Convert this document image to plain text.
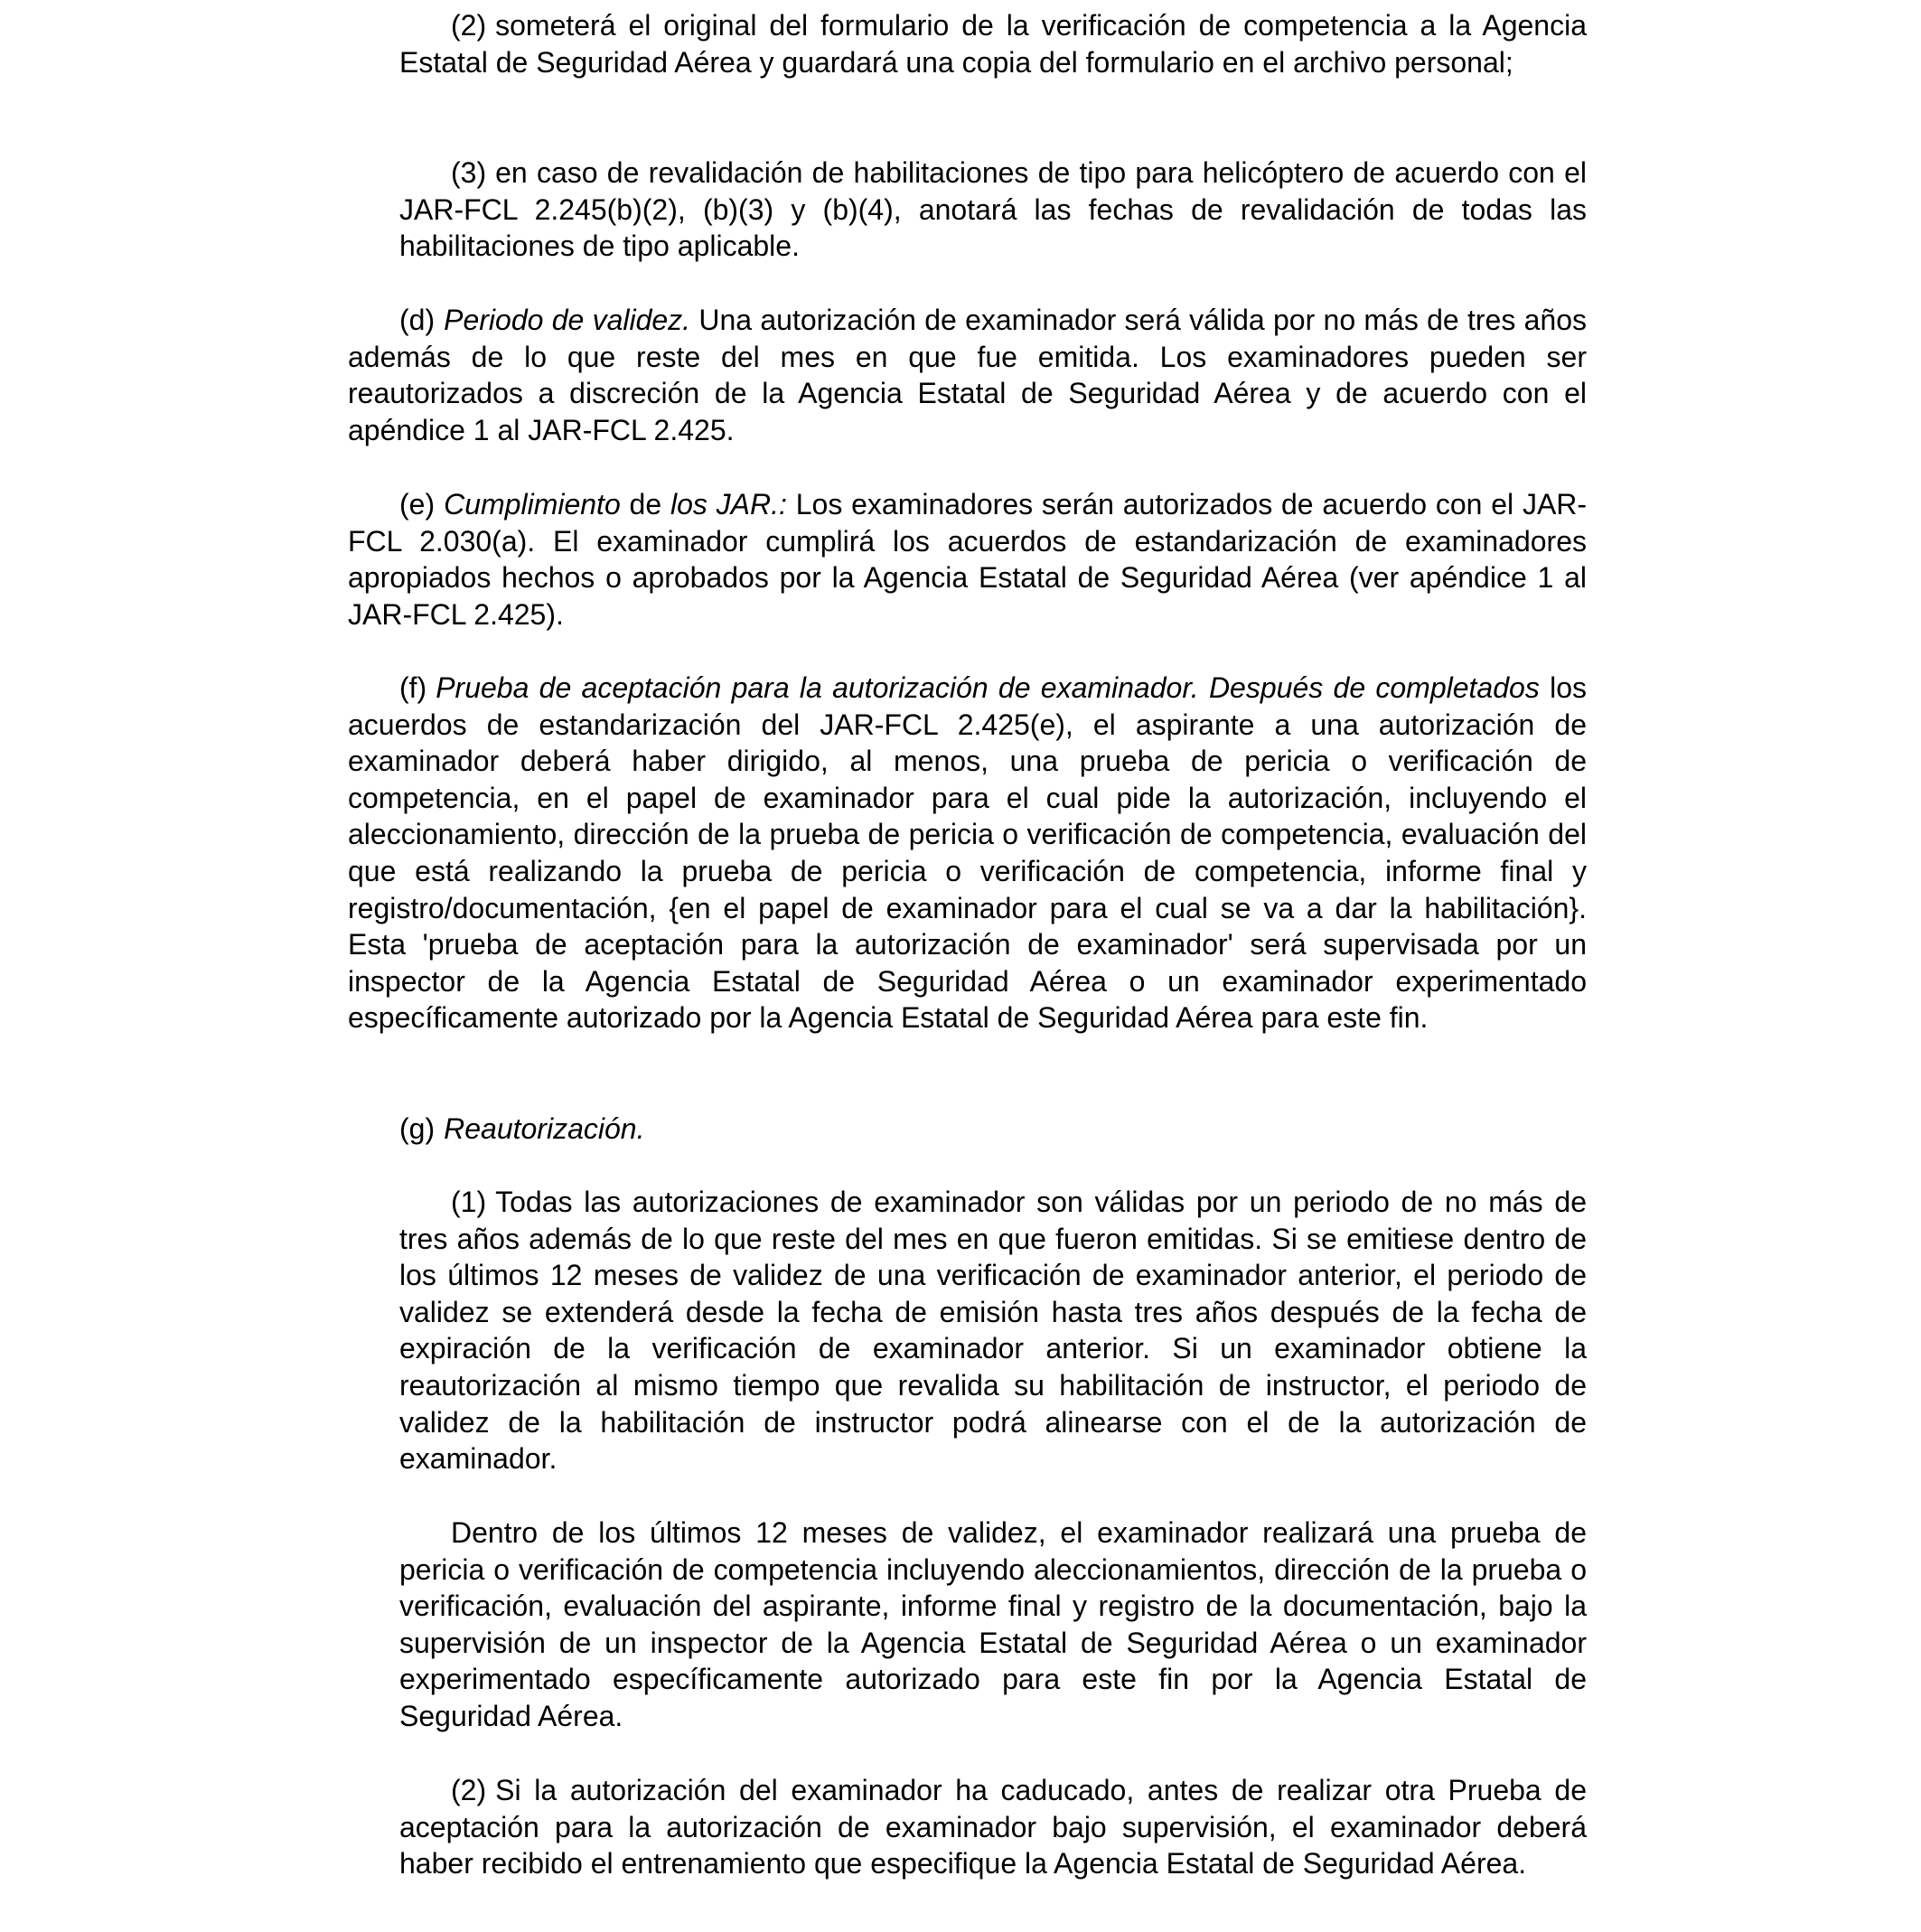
(2) someterá el original del formulario de la verificación de competencia a la Agencia Estatal de Seguridad Aérea y guardará una copia del formulario en el archivo personal;

(3) en caso de revalidación de habilitaciones de tipo para helicóptero de acuerdo con el JAR-FCL 2.245(b)(2), (b)(3) y (b)(4), anotará las fechas de revalidación de todas las habilitaciones de tipo aplicable.

(d) Periodo de validez. Una autorización de examinador será válida por no más de tres años además de lo que reste del mes en que fue emitida. Los examinadores pueden ser reautorizados a discreción de la Agencia Estatal de Seguridad Aérea y de acuerdo con el apéndice 1 al JAR-FCL 2.425.

(e) Cumplimiento de los JAR.: Los examinadores serán autorizados de acuerdo con el JAR-FCL 2.030(a). El examinador cumplirá los acuerdos de estandarización de examinadores apropiados hechos o aprobados por la Agencia Estatal de Seguridad Aérea (ver apéndice 1 al JAR-FCL 2.425).

(f) Prueba de aceptación para la autorización de examinador. Después de completados los acuerdos de estandarización del JAR-FCL 2.425(e), el aspirante a una autorización de examinador deberá haber dirigido, al menos, una prueba de pericia o verificación de competencia, en el papel de examinador para el cual pide la autorización, incluyendo el aleccionamiento, dirección de la prueba de pericia o verificación de competencia, evaluación del que está realizando la prueba de pericia o verificación de competencia, informe final y registro/documentación, {en el papel de examinador para el cual se va a dar la habilitación}. Esta 'prueba de aceptación para la autorización de examinador' será supervisada por un inspector de la Agencia Estatal de Seguridad Aérea o un examinador experimentado específicamente autorizado por la Agencia Estatal de Seguridad Aérea para este fin.

(g) Reautorización.

(1) Todas las autorizaciones de examinador son válidas por un periodo de no más de tres años además de lo que reste del mes en que fueron emitidas. Si se emitiese dentro de los últimos 12 meses de validez de una verificación de examinador anterior, el periodo de validez se extenderá desde la fecha de emisión hasta tres años después de la fecha de expiración de la verificación de examinador anterior. Si un examinador obtiene la reautorización al mismo tiempo que revalida su habilitación de instructor, el periodo de validez de la habilitación de instructor podrá alinearse con el de la autorización de examinador.

Dentro de los últimos 12 meses de validez, el examinador realizará una prueba de pericia o verificación de competencia incluyendo aleccionamientos, dirección de la prueba o verificación, evaluación del aspirante, informe final y registro de la documentación, bajo la supervisión de un inspector de la Agencia Estatal de Seguridad Aérea o un examinador experimentado específicamente autorizado para este fin por la Agencia Estatal de Seguridad Aérea.

(2) Si la autorización del examinador ha caducado, antes de realizar otra Prueba de aceptación para la autorización de examinador bajo supervisión, el examinador deberá haber recibido el entrenamiento que especifique la Agencia Estatal de Seguridad Aérea.
